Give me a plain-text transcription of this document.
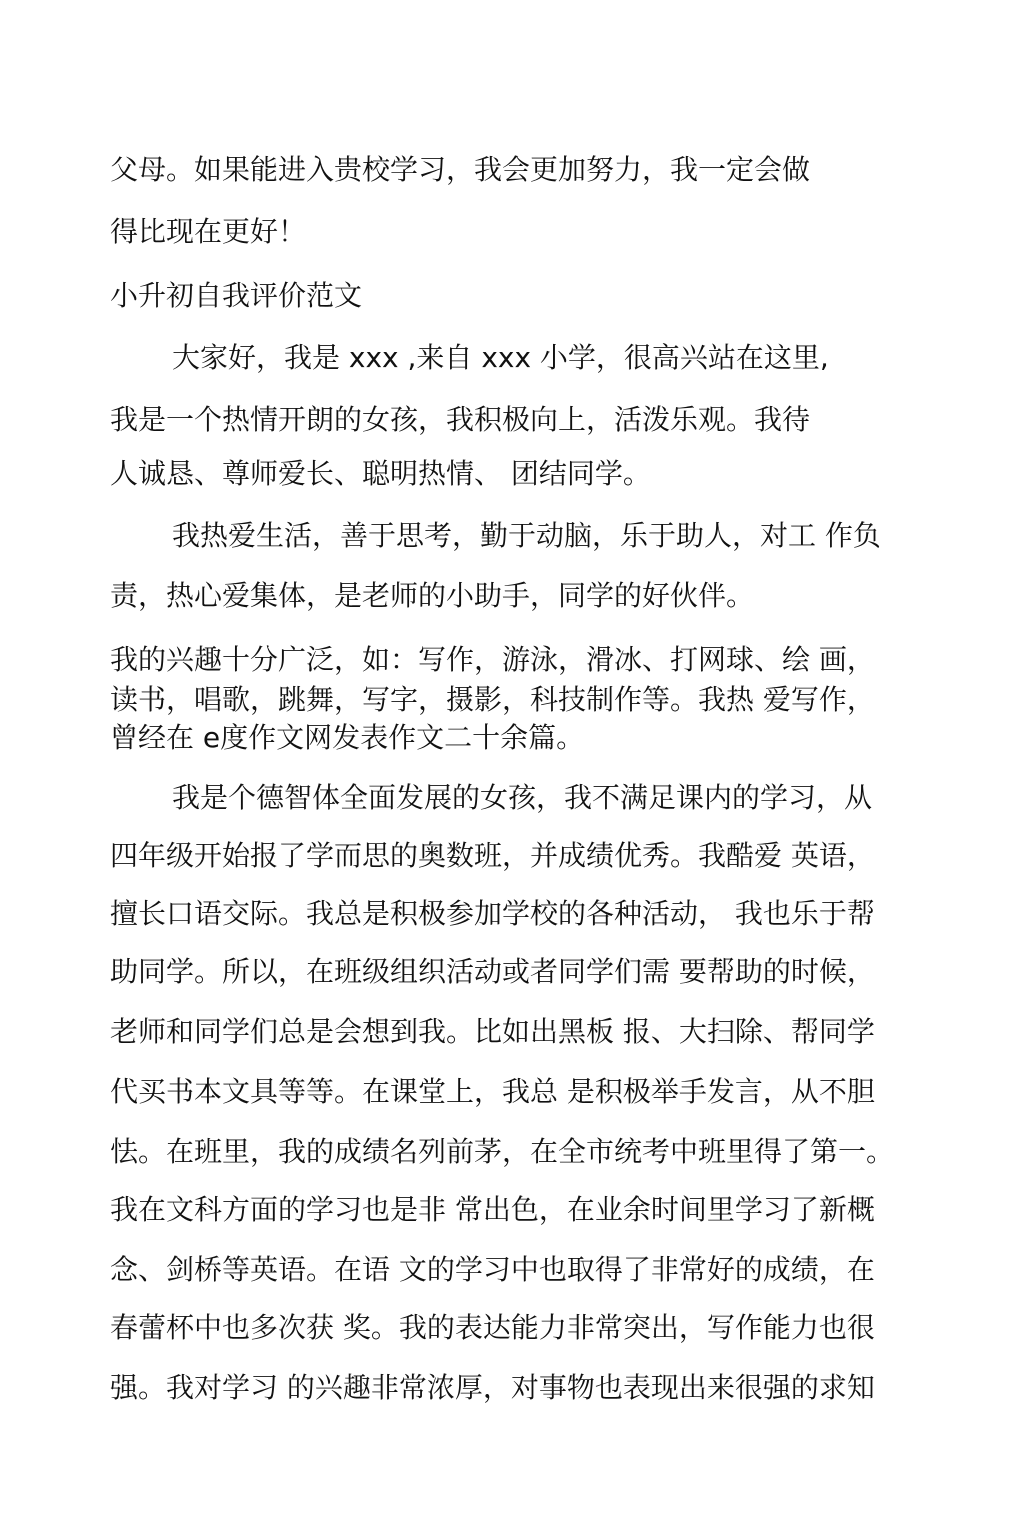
父母。如果能进入贵校学习，我会更加努力，我一定会做
得比现在更好！
小升初自我评价范文
大家好，我是 xxx ,来自 xxx 小学，很高兴站在这里,
我是一个热情开朗的女孩，我积极向上，活泼乐观。我待
人诚恳、尊师爱长、聪明热情、 团结同学。
我热爱生活，善于思考，勤于动脑，乐于助人，对工 作负
责，热心爱集体，是老师的小助手，同学的好伙伴。
我的兴趣十分广泛，如：写作，游泳，滑冰、打网球、绘 画，
读书，唱歌，跳舞，写字，摄影，科技制作等。我热 爱写作，
曾经在 e度作文网发表作文二十余篇。
我是个德智体全面发展的女孩，我不满足课内的学习，从
四年级开始报了学而思的奥数班，并成绩优秀。我酷爱 英语，
擅长口语交际。我总是积极参加学校的各种活动， 我也乐于帮
助同学。所以，在班级组织活动或者同学们需 要帮助的时候，
老师和同学们总是会想到我。比如出黑板 报、大扫除、帮同学
代买书本文具等等。在课堂上，我总 是积极举手发言，从不胆
怯。在班里，我的成绩名列前茅，在全市统考中班里得了第一。
我在文科方面的学习也是非 常出色，在业余时间里学习了新概
念、剑桥等英语。在语 文的学习中也取得了非常好的成绩，在
春蕾杯中也多次获 奖。我的表达能力非常突出，写作能力也很
强。我对学习 的兴趣非常浓厚，对事物也表现出来很强的求知
